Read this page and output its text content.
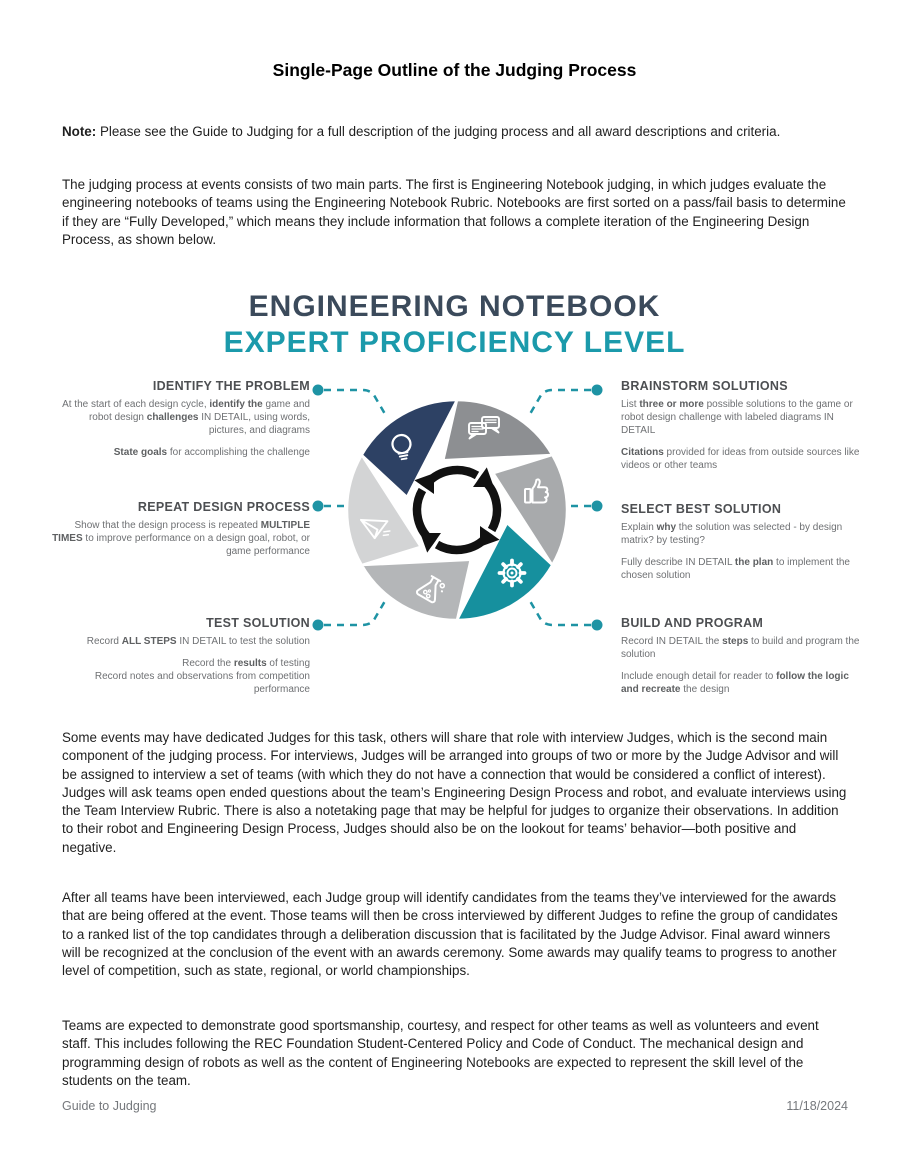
Single-Page Outline of the Judging Process
Note: Please see the Guide to Judging for a full description of the judging process and all award descriptions and criteria.
The judging process at events consists of two main parts. The first is Engineering Notebook judging, in which judges evaluate the engineering notebooks of teams using the Engineering Notebook Rubric. Notebooks are first sorted on a pass/fail basis to determine if they are “Fully Developed,” which means they include information that follows a complete iteration of the Engineering Design Process, as shown below.
ENGINEERING NOTEBOOK
EXPERT PROFICIENCY LEVEL
IDENTIFY THE PROBLEM
At the start of each design cycle, identify the game and robot design challenges IN DETAIL, using words, pictures, and diagrams
State goals for accomplishing the challenge
BRAINSTORM SOLUTIONS
List three or more possible solutions to the game or robot design challenge with labeled diagrams IN DETAIL
Citations provided for ideas from outside sources like videos or other teams
REPEAT DESIGN PROCESS
Show that the design process is repeated MULTIPLE TIMES to improve performance on a design goal, robot, or game performance
SELECT BEST SOLUTION
Explain why the solution was selected - by design matrix? by testing?
Fully describe IN DETAIL the plan to implement the chosen solution
TEST SOLUTION
Record ALL STEPS IN DETAIL to test the solution
Record the results of testing
Record notes and observations from competition performance
BUILD AND PROGRAM
Record IN DETAIL the steps to build and program the solution
Include enough detail for reader to follow the logic and recreate the design
Some events may have dedicated Judges for this task, others will share that role with interview Judges, which is the second main component of the judging process. For interviews, Judges will be arranged into groups of two or more by the Judge Advisor and will be assigned to interview a set of teams (with which they do not have a connection that would be considered a conflict of interest). Judges will ask teams open ended questions about the team’s Engineering Design Process and robot, and evaluate interviews using the Team Interview Rubric. There is also a notetaking page that may be helpful for judges to organize their observations. In addition to their robot and Engineering Design Process, Judges should also be on the lookout for teams’ behavior—both positive and negative.
After all teams have been interviewed, each Judge group will identify candidates from the teams they’ve interviewed for the awards that are being offered at the event. Those teams will then be cross interviewed by different Judges to refine the group of candidates to a ranked list of the top candidates through a deliberation discussion that is facilitated by the Judge Advisor. Final award winners will be recognized at the conclusion of the event with an awards ceremony. Some awards may qualify teams to progress to another level of competition, such as state, regional, or world championships.
Teams are expected to demonstrate good sportsmanship, courtesy, and respect for other teams as well as volunteers and event staff. This includes following the REC Foundation Student-Centered Policy and Code of Conduct. The mechanical design and programming design of robots as well as the content of Engineering Notebooks are expected to represent the skill level of the students on the team.
Guide to Judging	11/18/2024
